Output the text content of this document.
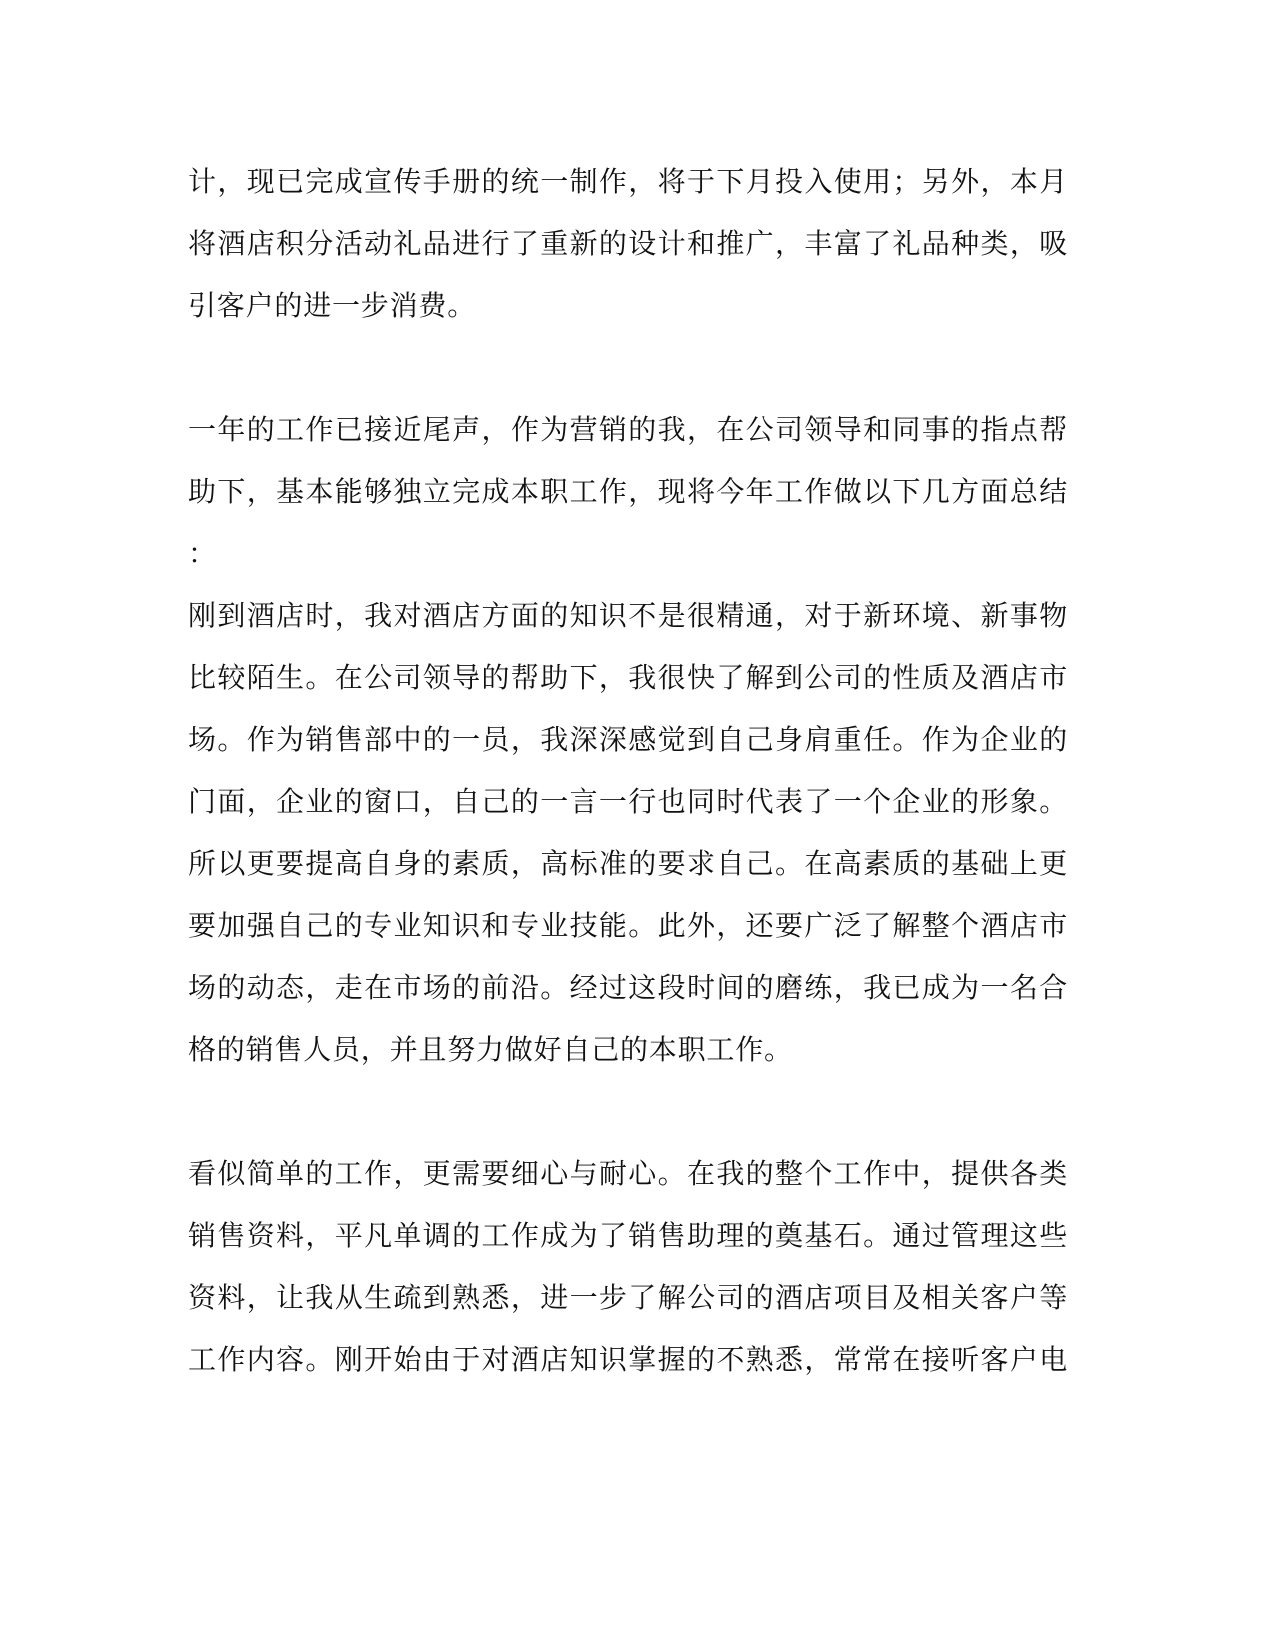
计，现已完成宣传手册的统一制作，将于下月投入使用；另外，本月
将酒店积分活动礼品进行了重新的设计和推广，丰富了礼品种类，吸
引客户的进一步消费。
一年的工作已接近尾声，作为营销的我，在公司领导和同事的指点帮
助下，基本能够独立完成本职工作，现将今年工作做以下几方面总结
：
刚到酒店时，我对酒店方面的知识不是很精通，对于新环境、新事物
比较陌生。在公司领导的帮助下，我很快了解到公司的性质及酒店市
场。作为销售部中的一员，我深深感觉到自己身肩重任。作为企业的
门面，企业的窗口，自己的一言一行也同时代表了一个企业的形象。
所以更要提高自身的素质，高标准的要求自己。在高素质的基础上更
要加强自己的专业知识和专业技能。此外，还要广泛了解整个酒店市
场的动态，走在市场的前沿。经过这段时间的磨练，我已成为一名合
格的销售人员，并且努力做好自己的本职工作。
看似简单的工作，更需要细心与耐心。在我的整个工作中，提供各类
销售资料，平凡单调的工作成为了销售助理的奠基石。通过管理这些
资料，让我从生疏到熟悉，进一步了解公司的酒店项目及相关客户等
工作内容。刚开始由于对酒店知识掌握的不熟悉，常常在接听客户电
